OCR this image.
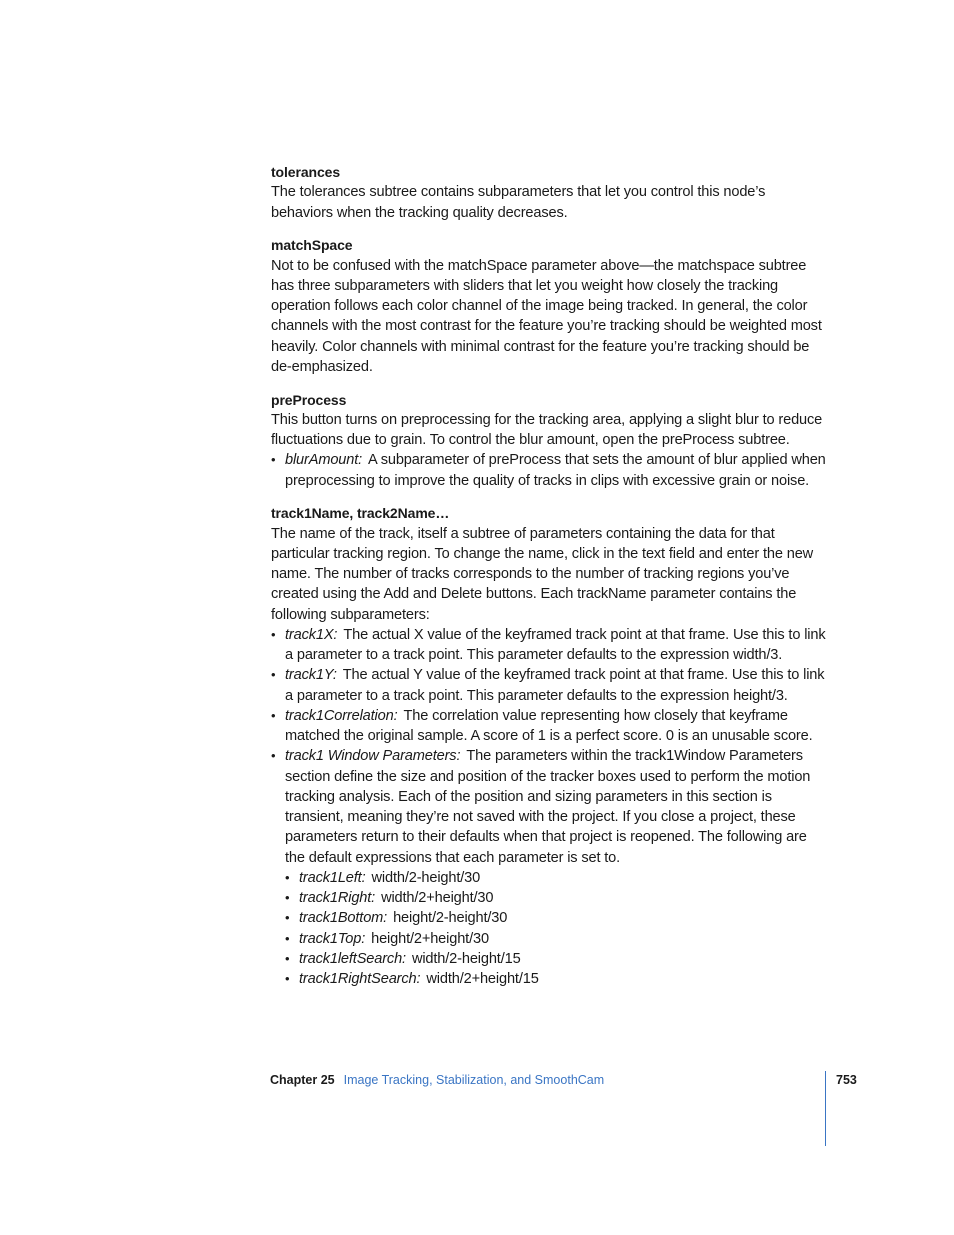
tolerances

The tolerances subtree contains subparameters that let you control this node’s behaviors when the tracking quality decreases.

matchSpace

Not to be confused with the matchSpace parameter above—the matchspace subtree has three subparameters with sliders that let you weight how closely the tracking operation follows each color channel of the image being tracked. In general, the color channels with the most contrast for the feature you’re tracking should be weighted most heavily. Color channels with minimal contrast for the feature you’re tracking should be de-emphasized.

preProcess

This button turns on preprocessing for the tracking area, applying a slight blur to reduce fluctuations due to grain. To control the blur amount, open the preProcess subtree.

• blurAmount: A subparameter of preProcess that sets the amount of blur applied when preprocessing to improve the quality of tracks in clips with excessive grain or noise.
track1Name, track2Name…

The name of the track, itself a subtree of parameters containing the data for that particular tracking region. To change the name, click in the text field and enter the new name. The number of tracks corresponds to the number of tracking regions you’ve created using the Add and Delete buttons. Each trackName parameter contains the following subparameters:

• track1X: The actual X value of the keyframed track point at that frame. Use this to link a parameter to a track point. This parameter defaults to the expression width/3.
• track1Y: The actual Y value of the keyframed track point at that frame. Use this to link a parameter to a track point. This parameter defaults to the expression height/3.
• track1Correlation: The correlation value representing how closely that keyframe matched the original sample. A score of 1 is a perfect score. 0 is an unusable score.
• track1 Window Parameters: The parameters within the track1Window Parameters section define the size and position of the tracker boxes used to perform the motion tracking analysis. Each of the position and sizing parameters in this section is transient, meaning they’re not saved with the project. If you close a project, these parameters return to their defaults when that project is reopened. The following are the default expressions that each parameter is set to.
• track1Left: width/2-height/30
• track1Right: width/2+height/30
• track1Bottom: height/2-height/30
• track1Top: height/2+height/30
• track1leftSearch: width/2-height/15
• track1RightSearch: width/2+height/15
Chapter 25 Image Tracking, Stabilization, and SmoothCam	753
